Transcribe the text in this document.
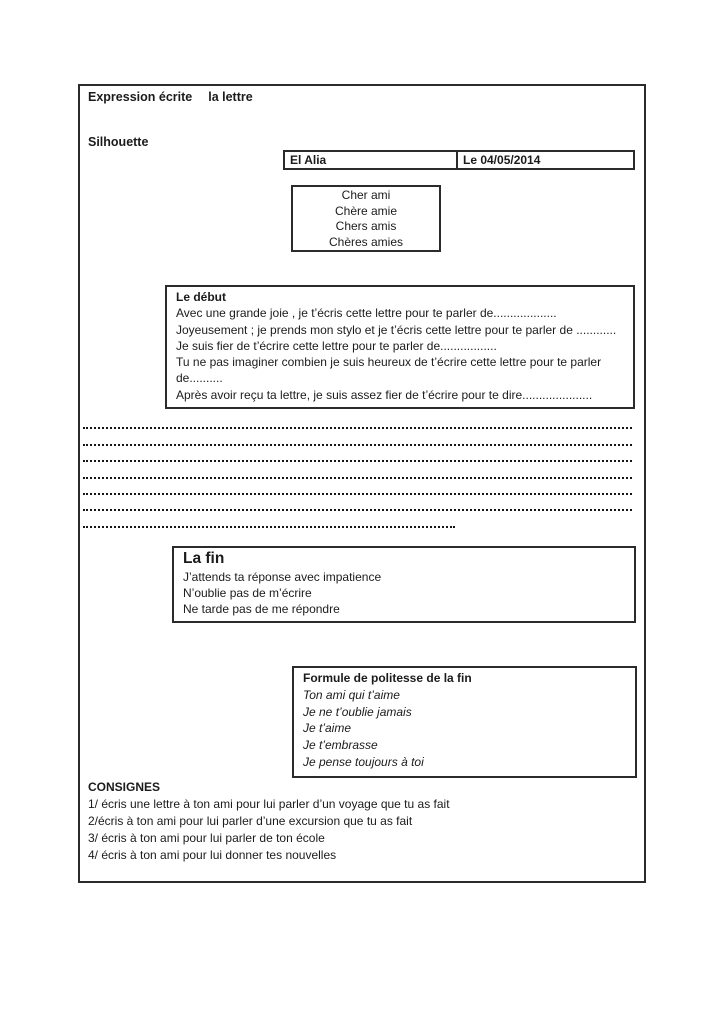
Expression écrite la lettre
Silhouette
El Alia	Le 04/05/2014
Cher ami
Chère amie
Chers amis
Chères amies
Le début
Avec une grande joie , je t’écris cette lettre pour te parler de...................
Joyeusement ; je prends mon stylo et je t’écris cette lettre pour te parler de ............
Je suis fier de t’écrire cette lettre pour te parler de.................
Tu ne pas imaginer combien je suis heureux de t’écrire cette lettre pour te parler de..........
Après avoir reçu ta lettre, je suis assez fier de t’écrire pour te dire.....................
La fin
J’attends ta réponse avec impatience
N’oublie pas de m’écrire
Ne tarde pas de me répondre
Formule de politesse de la fin
Ton ami qui t’aime
Je ne t’oublie jamais
Je t’aime
Je t’embrasse
Je pense toujours à toi
CONSIGNES
1/ écris une lettre à ton ami pour lui parler d’un voyage que tu as fait
2/écris à ton ami pour lui parler d’une excursion que tu as fait
3/ écris à ton ami pour lui parler de ton école
4/ écris à ton ami pour lui donner tes nouvelles
